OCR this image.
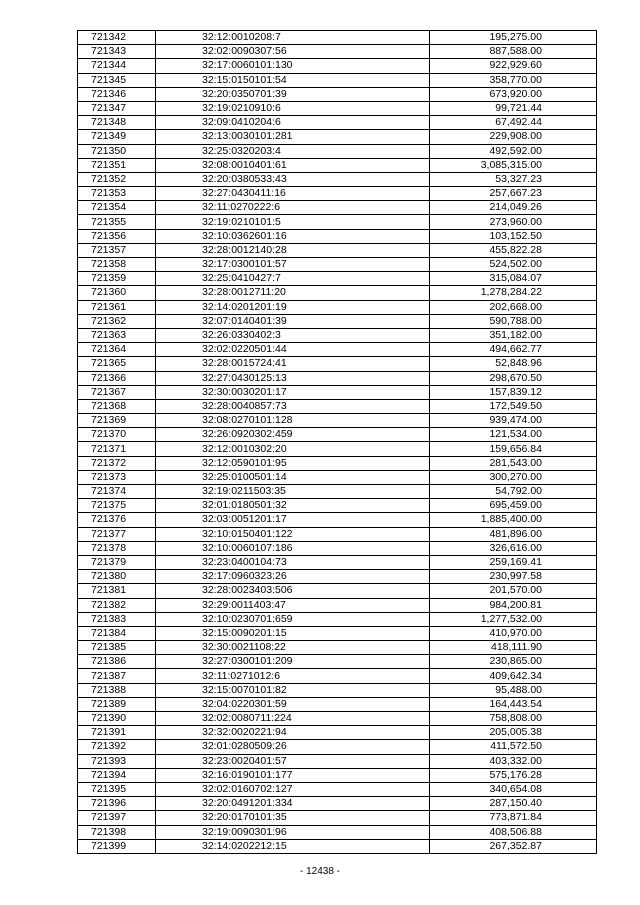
721342	32:12:0010208:7	195,275.00
721343	32:02:0090307:56	887,588.00
721344	32:17:0060101:130	922,929.60
721345	32:15:0150101:54	358,770.00
721346	32:20:0350701:39	673,920.00
721347	32:19:0210910:6	99,721.44
721348	32:09:0410204:6	67,492.44
721349	32:13:0030101:281	229,908.00
721350	32:25:0320203:4	492,592.00
721351	32:08:0010401:61	3,085,315.00
721352	32:20:0380533:43	53,327.23
721353	32:27:0430411:16	257,667.23
721354	32:11:0270222:6	214,049.26
721355	32:19:0210101:5	273,960.00
721356	32:10:0362601:16	103,152.50
721357	32:28:0012140:28	455,822.28
721358	32:17:0300101:57	524,502.00
721359	32:25:0410427:7	315,084.07
721360	32:28:0012711:20	1,278,284.22
721361	32:14:0201201:19	202,668.00
721362	32:07:0140401:39	590,788.00
721363	32:26:0330402:3	351,182.00
721364	32:02:0220501:44	494,662.77
721365	32:28:0015724:41	52,848.96
721366	32:27:0430125:13	298,670.50
721367	32:30:0030201:17	157,839.12
721368	32:28:0040857:73	172,549.50
721369	32:08:0270101:128	939,474.00
721370	32:26:0920302:459	121,534.00
721371	32:12:0010302:20	159,656.84
721372	32:12:0590101:95	281,543.00
721373	32:25:0100501:14	300,270.00
721374	32:19:0211503:35	54,792.00
721375	32:01:0180501:32	695,459.00
721376	32:03:0051201:17	1,885,400.00
721377	32:10:0150401:122	481,896.00
721378	32:10:0060107:186	326,616.00
721379	32:23:0400104:73	259,169.41
721380	32:17:0960323:26	230,997.58
721381	32:28:0023403:506	201,570.00
721382	32:29:0011403:47	984,200.81
721383	32:10:0230701:659	1,277,532.00
721384	32:15:0090201:15	410,970.00
721385	32:30:0021108:22	418,111.90
721386	32:27:0300101:209	230,865.00
721387	32:11:0271012:6	409,642.34
721388	32:15:0070101:82	95,488.00
721389	32:04:0220301:59	164,443.54
721390	32:02:0080711:224	758,808.00
721391	32:32:0020221:94	205,005.38
721392	32:01:0280509:26	411,572.50
721393	32:23:0020401:57	403,332.00
721394	32:16:0190101:177	575,176.28
721395	32:02:0160702:127	340,654.08
721396	32:20:0491201:334	287,150.40
721397	32:20:0170101:35	773,871.84
721398	32:19:0090301:96	408,506.88
721399	32:14:0202212:15	267,352.87
- 12438 -
